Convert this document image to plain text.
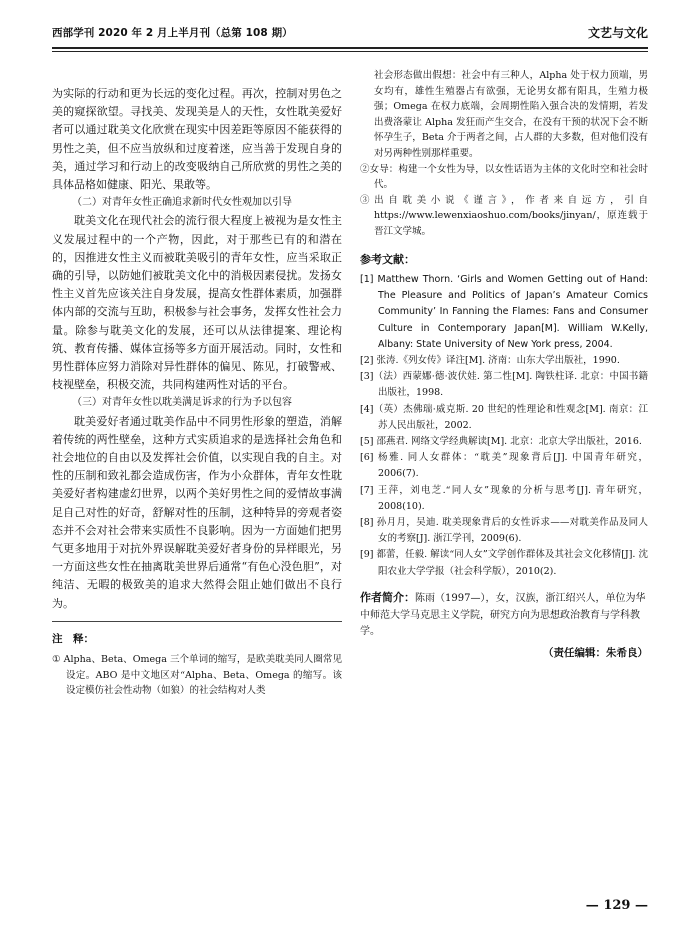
西部学刊 2020 年 2 月上半月刊（总第 108 期）	文艺与文化

为实际的行动和更为长远的变化过程。再次，控制对男色之美的窥探欲望。寻找美、发现美是人的天性，女性耽美爱好者可以通过耽美文化欣赏在现实中因差距等原因不能获得的男性之美，但不应当放纵和过度着迷，应当善于发现自身的美，通过学习和行动上的改变吸纳自己所欣赏的男性之美的具体品格如健康、阳光、果敢等。

（二）对青年女性正确追求新时代女性观加以引导

耽美文化在现代社会的流行很大程度上被视为是女性主义发展过程中的一个产物，因此，对于那些已有的和潜在的，因推进女性主义而被耽美吸引的青年女性，应当采取正确的引导，以防她们被耽美文化中的消极因素侵扰。发扬女性主义首先应该关注自身发展，提高女性群体素质，加强群体内部的交流与互助，积极参与社会事务，发挥女性社会力量。除参与耽美文化的发展，还可以从法律提案、理论构筑、教育传播、媒体宣扬等多方面开展活动。同时，女性和男性群体应努力消除对异性群体的偏见、陈见，打破警戒、枝视壁垒，积极交流，共同构建两性对话的平台。

（三）对青年女性以耽美满足诉求的行为予以包容

耽美爱好者通过耽美作品中不同男性形象的塑造，消解着传统的两性壁垒，这种方式实质追求的是选择社会角色和社会地位的自由以及发挥社会价值，以实现自我的自主。对性的压制和致礼都会造成伤害，作为小众群体，青年女性耽美爱好者构建虚幻世界，以两个美好男性之间的爱情故事满足自己对性的好奇，舒解对性的压制，这种特异的旁观者姿态并不会对社会带来实质性不良影响。因为一方面她们把男气更多地用于对抗外界误解耽美爱好者身份的异样眼光，另一方面这些女性在抽离耽美世界后通常“有色心没色胆”，对纯洁、无暇的极致美的追求大然得会阻止她们做出不良行为。

注　释：

① Alpha、Beta、Omega 三个单词的缩写，是欧美耽美同人圈常见设定。ABO 是中文地区对“Alpha、Beta、Omega 的缩写。该设定模仿社会性动物（如狼）的社会结构对人类

社会形态做出假想：社会中有三种人，Alpha 处于权力顶端，男女均有，雄性生殖器占有欲强，无论男女都有阳具，生殖力极强；Omega 在权力底端，会周期性陷入强合决的发情期，若发出费洛蒙让 Alpha 发狂而产生交合，在没有干预的状况下会不断怀孕生子，Beta 介于两者之间，占人群的大多数，但对他们没有对另两种性别那样重要。

②女导：构建一个女性为导，以女性话语为主体的文化时空和社会时代。

③出自耽美小说《谨言》，作者来自远方，引自 https://www.lewenxiaoshuo.com/books/jinyan/，原连载于晋江文学城。

参考文献：

[1] Matthew Thorn. ‘Girls and Women Getting out of Hand: The Pleasure and Politics of Japan’s Amateur Comics Community’ In Fanning the Flames: Fans and Consumer Culture in Contemporary Japan[M]. William W.Kelly, Albany: State University of New York press, 2004.

[2] 张涛.《列女传》译注[M]. 济南：山东大学出版社，1990.

[3]（法）西蒙娜·德·波伏娃. 第二性[M]. 陶铁柱译. 北京：中国书籍出版社，1998.

[4]（英）杰佛瑞·威克斯. 20 世纪的性理论和性观念[M]. 南京：江苏人民出版社，2002.

[5] 邵燕君. 网络文学经典解读[M]. 北京：北京大学出版社，2016.

[6] 杨雅. 同人女群体：“耽美”现象背后[J]. 中国青年研究，2006(7).

[7] 王萍，刘电芝.“同人女”现象的分析与思考[J]. 青年研究，2008(10).

[8] 孙月月，吴迪. 耽美现象背后的女性诉求——对耽美作品及同人女的考察[J]. 浙江学刊，2009(6).

[9] 都蕾，任毅. 解读“同人女”文学创作群体及其社会文化移情[J]. 沈阳农业大学学报（社会科学版），2010(2).

作者简介：陈雨（1997—），女，汉族，浙江绍兴人，单位为华中师范大学马克思主义学院，研究方向为思想政治教育与学科教学。
（责任编辑：朱希良）
— 129 —
